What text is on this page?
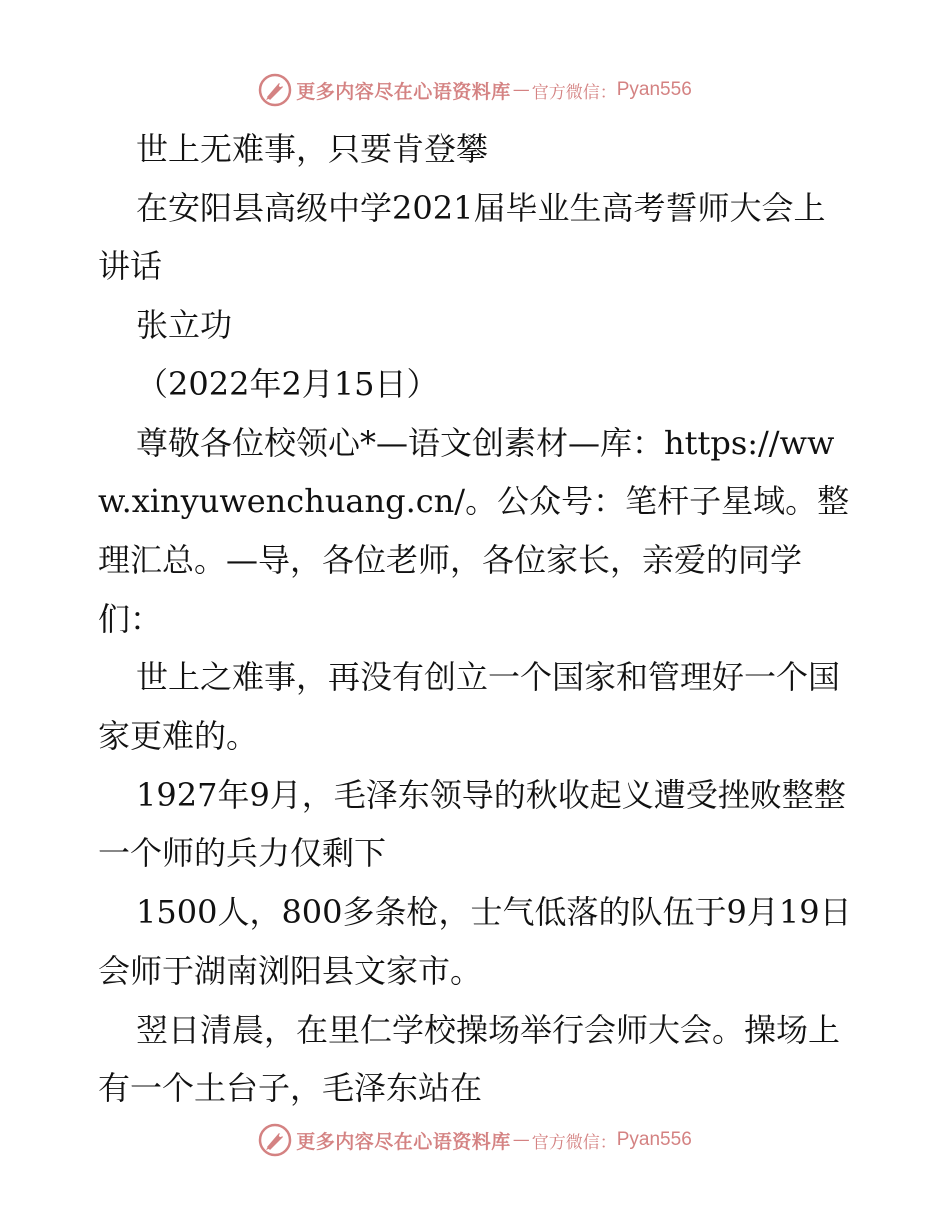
更多内容尽在心语资料库 — 官方微信： Pyan556

世上无难事，只要肯登攀

在安阳县高级中学2021届毕业生高考誓师大会上讲话

张立功

（2022年2月15日）

尊敬各位校领心*—语文创素材—库：https://www.xinyuwenchuang.cn/。公众号：笔杆子星域。整理汇总。—导，各位老师，各位家长，亲爱的同学们：

世上之难事，再没有创立一个国家和管理好一个国家更难的。

1927年9月，毛泽东领导的秋收起义遭受挫败整整一个师的兵力仅剩下

1500人，800多条枪，士气低落的队伍于9月19日会师于湖南浏阳县文家市。

翌日清晨，在里仁学校操场举行会师大会。操场上有一个土台子，毛泽东站在

更多内容尽在心语资料库 — 官方微信： Pyan556
